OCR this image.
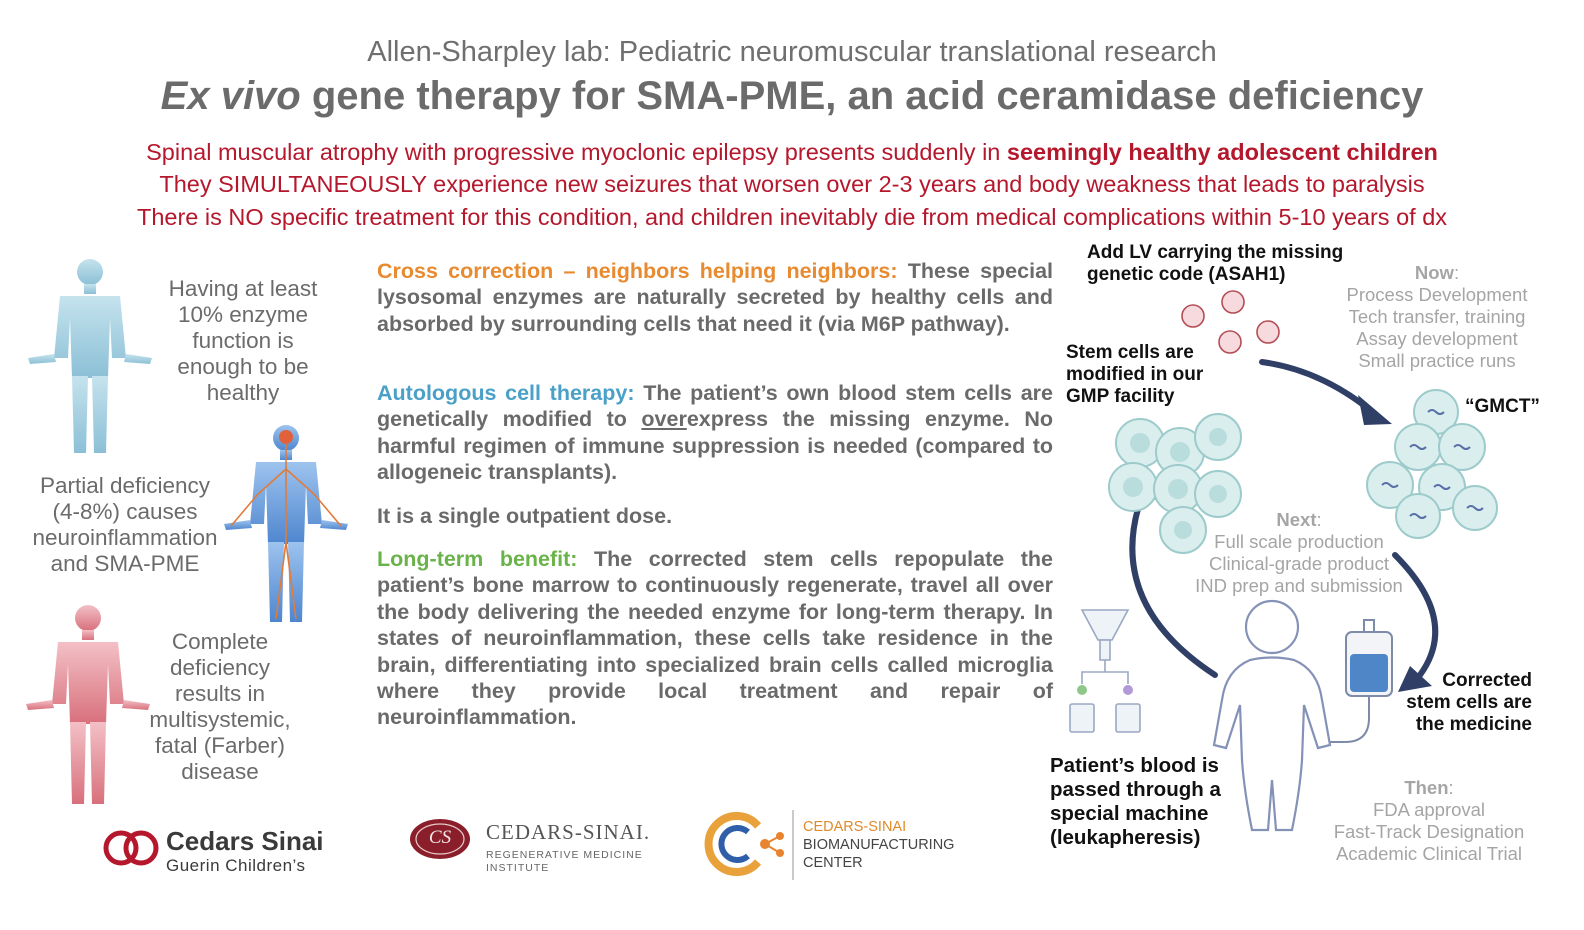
Allen-Sharpley lab: Pediatric neuromuscular translational research
Ex vivo gene therapy for SMA-PME, an acid ceramidase deficiency
Spinal muscular atrophy with progressive myoclonic epilepsy presents suddenly in seemingly healthy adolescent children
They SIMULTANEOUSLY experience new seizures that worsen over 2-3 years and body weakness that leads to paralysis
There is NO specific treatment for this condition, and children inevitably die from medical complications within 5-10 years of dx
Having at least
10% enzyme
function is
enough to be
healthy
Partial deficiency
(4-8%) causes
neuroinflammation
and SMA-PME
Complete
deficiency
results in
multisystemic,
fatal (Farber)
disease
Cross correction – neighbors helping neighbors: These special lysosomal enzymes are naturally secreted by healthy cells and absorbed by surrounding cells that need it (via M6P pathway).
Autologous cell therapy: The patient’s own blood stem cells are genetically modified to overexpress the missing enzyme. No harmful regimen of immune suppression is needed (compared to allogeneic transplants).
It is a single outpatient dose.
Long-term benefit: The corrected stem cells repopulate the patient’s bone marrow to continuously regenerate, travel all over the body delivering the needed enzyme for long-term therapy. In states of neuroinflammation, these cells take residence in the brain, differentiating into specialized brain cells called microglia where they provide local treatment and repair of neuroinflammation.
Add LV carrying the missing
genetic code (ASAH1)
Stem cells are
modified in our
GMP facility	“GMCT”
Corrected
stem cells are
the medicine
Patient’s blood is
passed through a
special machine
(leukapheresis)
Now:
Process Development
Tech transfer, training
Assay development
Small practice runs
Next:
Full scale production
Clinical-grade product
IND prep and submission
Then:
FDA approval
Fast-Track Designation
Academic Clinical Trial
Cedars Sinai
Guerin Children’s
CS	CEDARS-SINAI.
REGENERATIVE MEDICINE
INSTITUTE
CEDARS-SINAI
BIOMANUFACTURING
CENTER
